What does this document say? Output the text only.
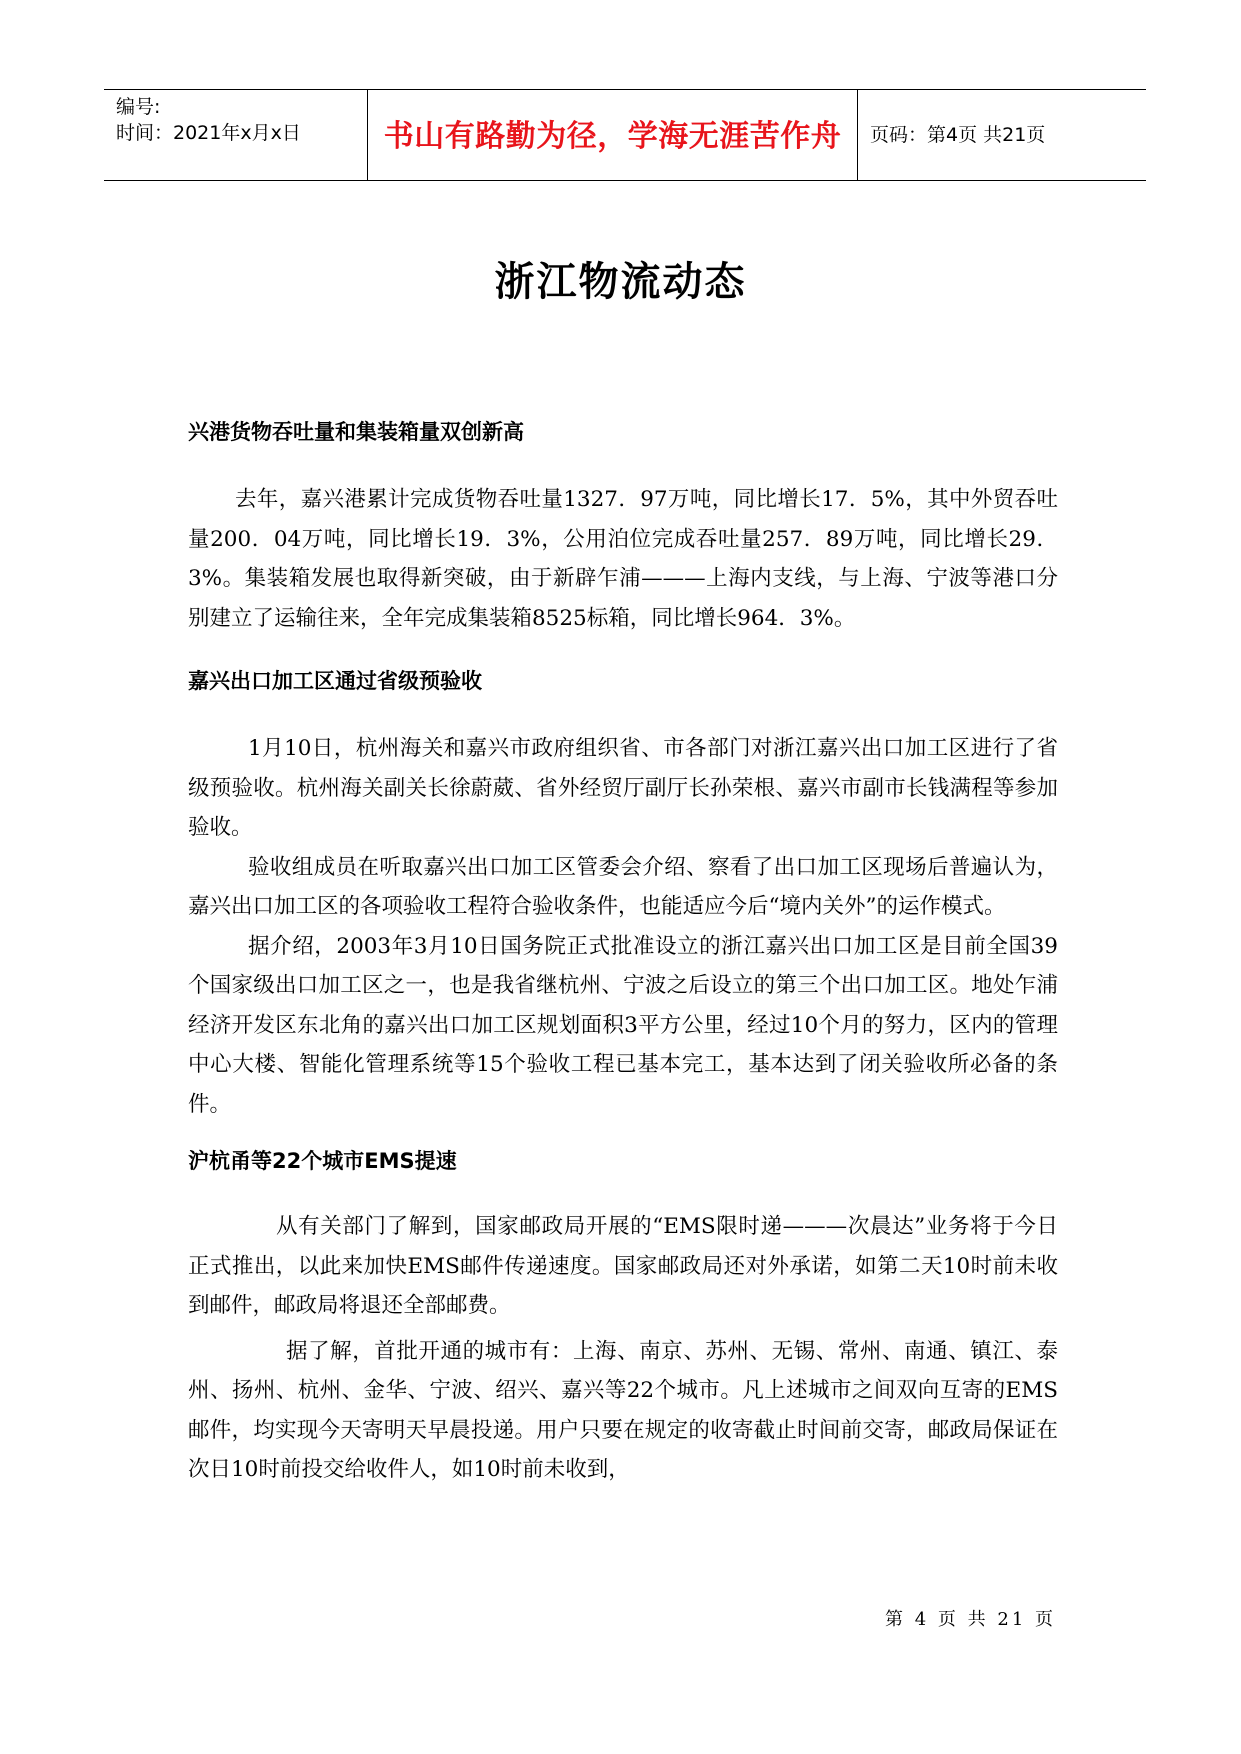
编号:
时间：2021年x月x日	书山有路勤为径，学海无涯苦作舟	页码：第4页 共21页
浙江物流动态
兴港货物吞吐量和集装箱量双创新高

去年，嘉兴港累计完成货物吞吐量1327．97万吨，同比增长17．5%，其中外贸吞吐量200．04万吨，同比增长19．3%，公用泊位完成吞吐量257．89万吨，同比增长29．3%。集装箱发展也取得新突破，由于新辟乍浦———上海内支线，与上海、宁波等港口分别建立了运输往来，全年完成集装箱8525标箱，同比增长964．3%。

嘉兴出口加工区通过省级预验收

1月10日，杭州海关和嘉兴市政府组织省、市各部门对浙江嘉兴出口加工区进行了省级预验收。杭州海关副关长徐蔚葳、省外经贸厅副厅长孙荣根、嘉兴市副市长钱满程等参加验收。

验收组成员在听取嘉兴出口加工区管委会介绍、察看了出口加工区现场后普遍认为，嘉兴出口加工区的各项验收工程符合验收条件，也能适应今后“境内关外”的运作模式。

据介绍，2003年3月10日国务院正式批准设立的浙江嘉兴出口加工区是目前全国39个国家级出口加工区之一，也是我省继杭州、宁波之后设立的第三个出口加工区。地处乍浦经济开发区东北角的嘉兴出口加工区规划面积3平方公里，经过10个月的努力，区内的管理中心大楼、智能化管理系统等15个验收工程已基本完工，基本达到了闭关验收所必备的条件。

沪杭甬等22个城市EMS提速

从有关部门了解到，国家邮政局开展的“EMS限时递———次晨达”业务将于今日正式推出，以此来加快EMS邮件传递速度。国家邮政局还对外承诺，如第二天10时前未收到邮件，邮政局将退还全部邮费。

据了解，首批开通的城市有：上海、南京、苏州、无锡、常州、南通、镇江、泰州、扬州、杭州、金华、宁波、绍兴、嘉兴等22个城市。凡上述城市之间双向互寄的EMS邮件，均实现今天寄明天早晨投递。用户只要在规定的收寄截止时间前交寄，邮政局保证在次日10时前投交给收件人，如10时前未收到，

第 4 页 共 21 页
